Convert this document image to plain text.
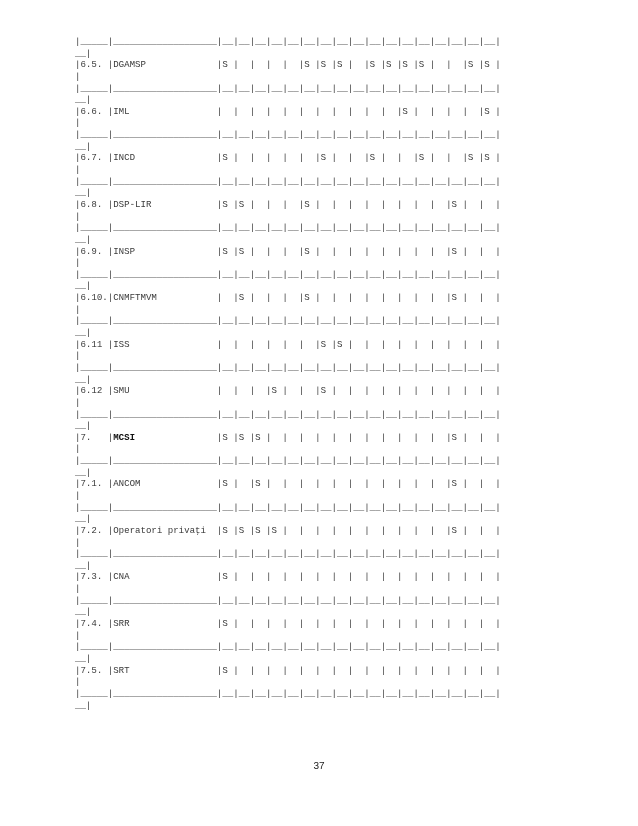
|_____|___________________|__|__|__|__|__|__|__|__|__|__|__|__|__|__|__|__|__|
__|
|6.5. |DGAMSP             |S |  |  |  |  |S |S |S |  |S |S |S |S |  |  |S |S |
|
|_____|___________________|__|__|__|__|__|__|__|__|__|__|__|__|__|__|__|__|__|
__|
|6.6. |IML                |  |  |  |  |  |  |  |  |  |  |  |S |  |  |  |  |S |
|
|_____|___________________|__|__|__|__|__|__|__|__|__|__|__|__|__|__|__|__|__|
__|
|6.7. |INCD               |S |  |  |  |  |  |S |  |  |S |  |  |S |  |  |S |S |
|
|_____|___________________|__|__|__|__|__|__|__|__|__|__|__|__|__|__|__|__|__|
__|
|6.8. |DSP-LIR            |S |S |  |  |  |S |  |  |  |  |  |  |  |  |S |  |  |
|
|_____|___________________|__|__|__|__|__|__|__|__|__|__|__|__|__|__|__|__|__|
__|
|6.9. |INSP               |S |S |  |  |  |S |  |  |  |  |  |  |  |  |S |  |  |
|
|_____|___________________|__|__|__|__|__|__|__|__|__|__|__|__|__|__|__|__|__|
__|
|6.10.|CNMFTMVM           |  |S |  |  |  |S |  |  |  |  |  |  |  |  |S |  |  |
|
|_____|___________________|__|__|__|__|__|__|__|__|__|__|__|__|__|__|__|__|__|
__|
|6.11 |ISS                |  |  |  |  |  |  |S |S |  |  |  |  |  |  |  |  |  |
|
|_____|___________________|__|__|__|__|__|__|__|__|__|__|__|__|__|__|__|__|__|
__|
|6.12 |SMU                |  |  |  |S |  |  |S |  |  |  |  |  |  |  |  |  |  |
|
|_____|___________________|__|__|__|__|__|__|__|__|__|__|__|__|__|__|__|__|__|
__|
|7.   |MCSI               |S |S |S |  |  |  |  |  |  |  |  |  |  |  |S |  |  |
|
|_____|___________________|__|__|__|__|__|__|__|__|__|__|__|__|__|__|__|__|__|
__|
|7.1. |ANCOM              |S |  |S |  |  |  |  |  |  |  |  |  |  |  |S |  |  |
|
|_____|___________________|__|__|__|__|__|__|__|__|__|__|__|__|__|__|__|__|__|
__|
|7.2. |Operatori privaţi  |S |S |S |S |  |  |  |  |  |  |  |  |  |  |S |  |  |
|
|_____|___________________|__|__|__|__|__|__|__|__|__|__|__|__|__|__|__|__|__|
__|
|7.3. |CNA                |S |  |  |  |  |  |  |  |  |  |  |  |  |  |  |  |  |
|
|_____|___________________|__|__|__|__|__|__|__|__|__|__|__|__|__|__|__|__|__|
__|
|7.4. |SRR                |S |  |  |  |  |  |  |  |  |  |  |  |  |  |  |  |  |
|
|_____|___________________|__|__|__|__|__|__|__|__|__|__|__|__|__|__|__|__|__|
__|
|7.5. |SRT                |S |  |  |  |  |  |  |  |  |  |  |  |  |  |  |  |  |
|
|_____|___________________|__|__|__|__|__|__|__|__|__|__|__|__|__|__|__|__|__|
__|
37
